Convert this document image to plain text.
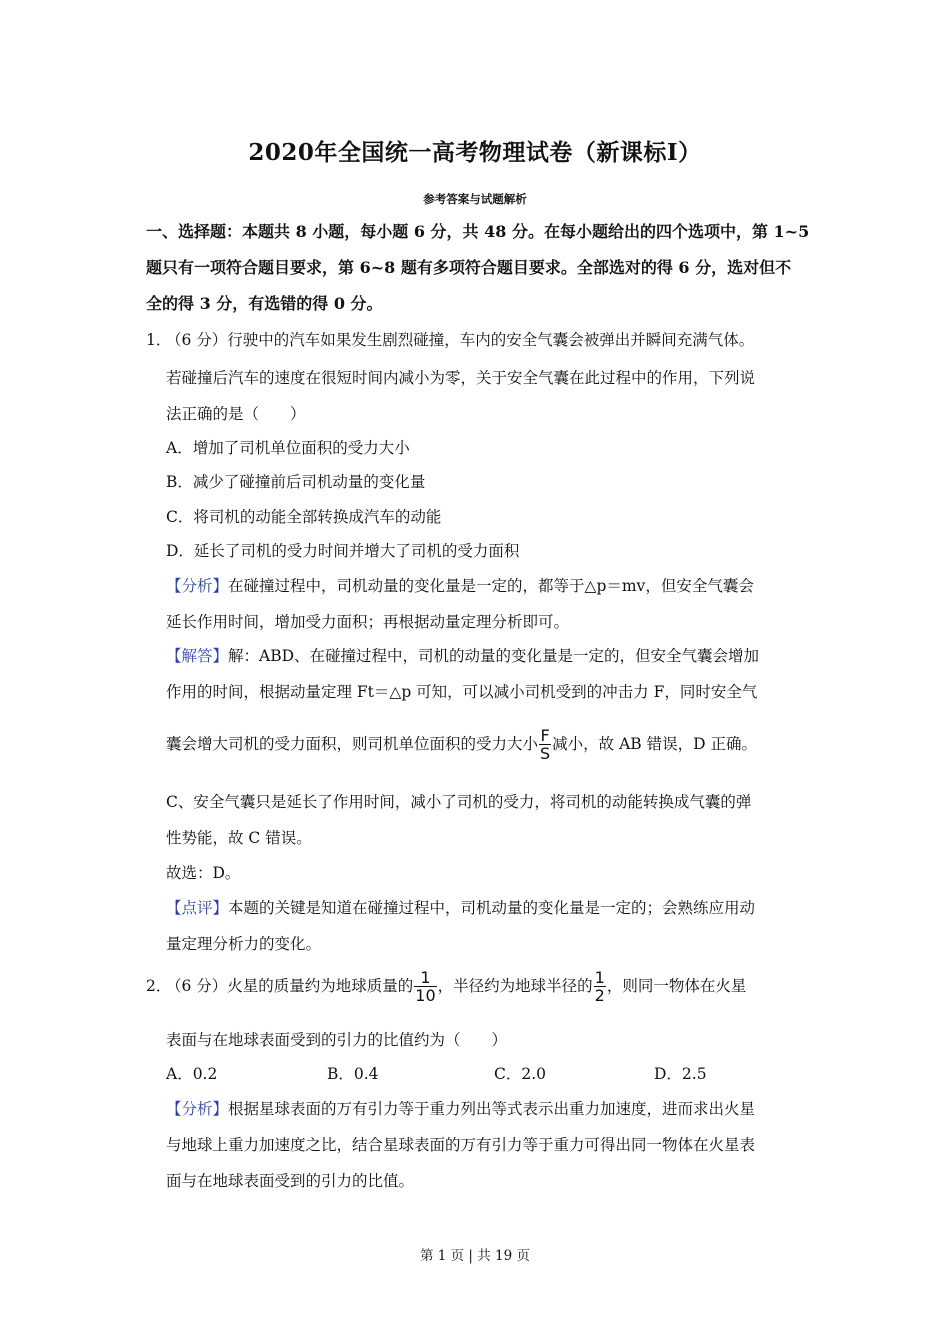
2020年全国统一高考物理试卷（新课标Ⅰ）
参考答案与试题解析
一、选择题：本题共 8 小题，每小题 6 分，共 48 分。在每小题给出的四个选项中，第 1~5
题只有一项符合题目要求，第 6~8 题有多项符合题目要求。全部选对的得 6 分，选对但不
全的得 3 分，有选错的得 0 分。
1．（6 分）行驶中的汽车如果发生剧烈碰撞，车内的安全气囊会被弹出并瞬间充满气体。
若碰撞后汽车的速度在很短时间内减小为零，关于安全气囊在此过程中的作用，下列说
法正确的是（　　）
A．增加了司机单位面积的受力大小
B．减少了碰撞前后司机动量的变化量
C．将司机的动能全部转换成汽车的动能
D．延长了司机的受力时间并增大了司机的受力面积
【分析】在碰撞过程中，司机动量的变化量是一定的，都等于△p＝mv，但安全气囊会
延长作用时间，增加受力面积；再根据动量定理分析即可。
【解答】解：ABD、在碰撞过程中，司机的动量的变化量是一定的，但安全气囊会增加
作用的时间，根据动量定理 Ft＝△p 可知，可以减小司机受到的冲击力 F，同时安全气
囊会增大司机的受力面积，则司机单位面积的受力大小 $\frac{F}{S}$ 减小，故 AB 错误，D 正确。
C、安全气囊只是延长了作用时间，减小了司机的受力，将司机的动能转换成气囊的弹
性势能，故 C 错误。
故选：D。
【点评】本题的关键是知道在碰撞过程中，司机动量的变化量是一定的；会熟练应用动
量定理分析力的变化。
2．（6 分）火星的质量约为地球质量的 $\frac{1}{10}$ ，半径约为地球半径的 $\frac{1}{2}$ ，则同一物体在火星
表面与在地球表面受到的引力的比值约为（　　）
A．0.2	B．0.4	C．2.0	D．2.5
【分析】根据星球表面的万有引力等于重力列出等式表示出重力加速度，进而求出火星
与地球上重力加速度之比，结合星球表面的万有引力等于重力可得出同一物体在火星表
面与在地球表面受到的引力的比值。
第 1 页 | 共 19 页
